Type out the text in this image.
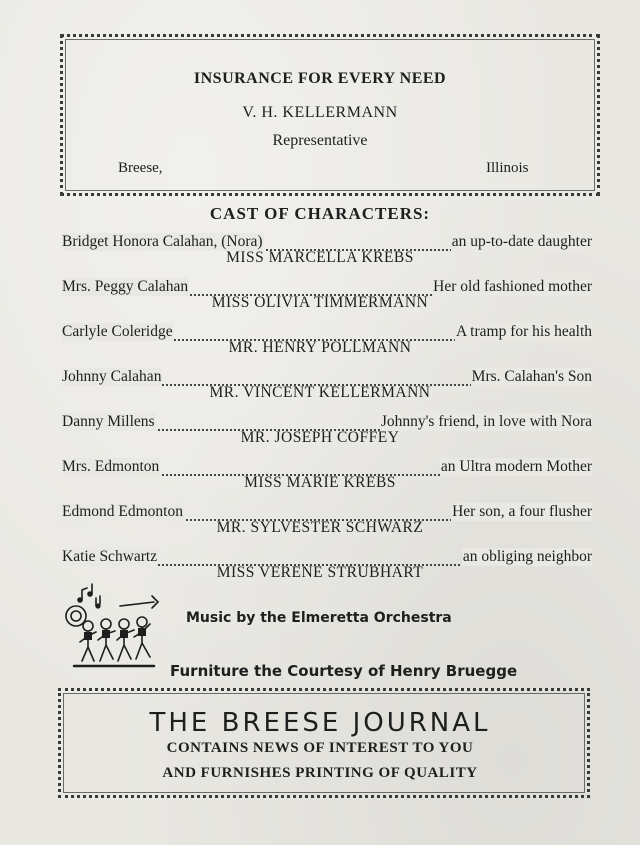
INSURANCE FOR EVERY NEED
V. H. KELLERMANN
Representative
Breese,	Illinois
CAST OF CHARACTERS:
Bridget Honora Calahan, (Nora)	an up-to-date daughter
MISS MARCELLA KREBS
Mrs. Peggy Calahan	Her old fashioned mother
MISS OLIVIA TIMMERMANN
Carlyle Coleridge	A tramp for his health
MR. HENRY POLLMANN
Johnny Calahan	Mrs. Calahan's Son
MR. VINCENT KELLERMANN
Danny Millens	Johnny's friend, in love with Nora
MR. JOSEPH COFFEY
Mrs. Edmonton	an Ultra modern Mother
MISS MARIE KREBS
Edmond Edmonton	Her son, a four flusher
MR. SYLVESTER SCHWARZ
Katie Schwartz	an obliging neighbor
MISS VERENE STRUBHART
Music by the Elmeretta Orchestra
Furniture the Courtesy of Henry Bruegge
THE BREESE JOURNAL
CONTAINS NEWS OF INTEREST TO YOU
AND FURNISHES PRINTING OF QUALITY
